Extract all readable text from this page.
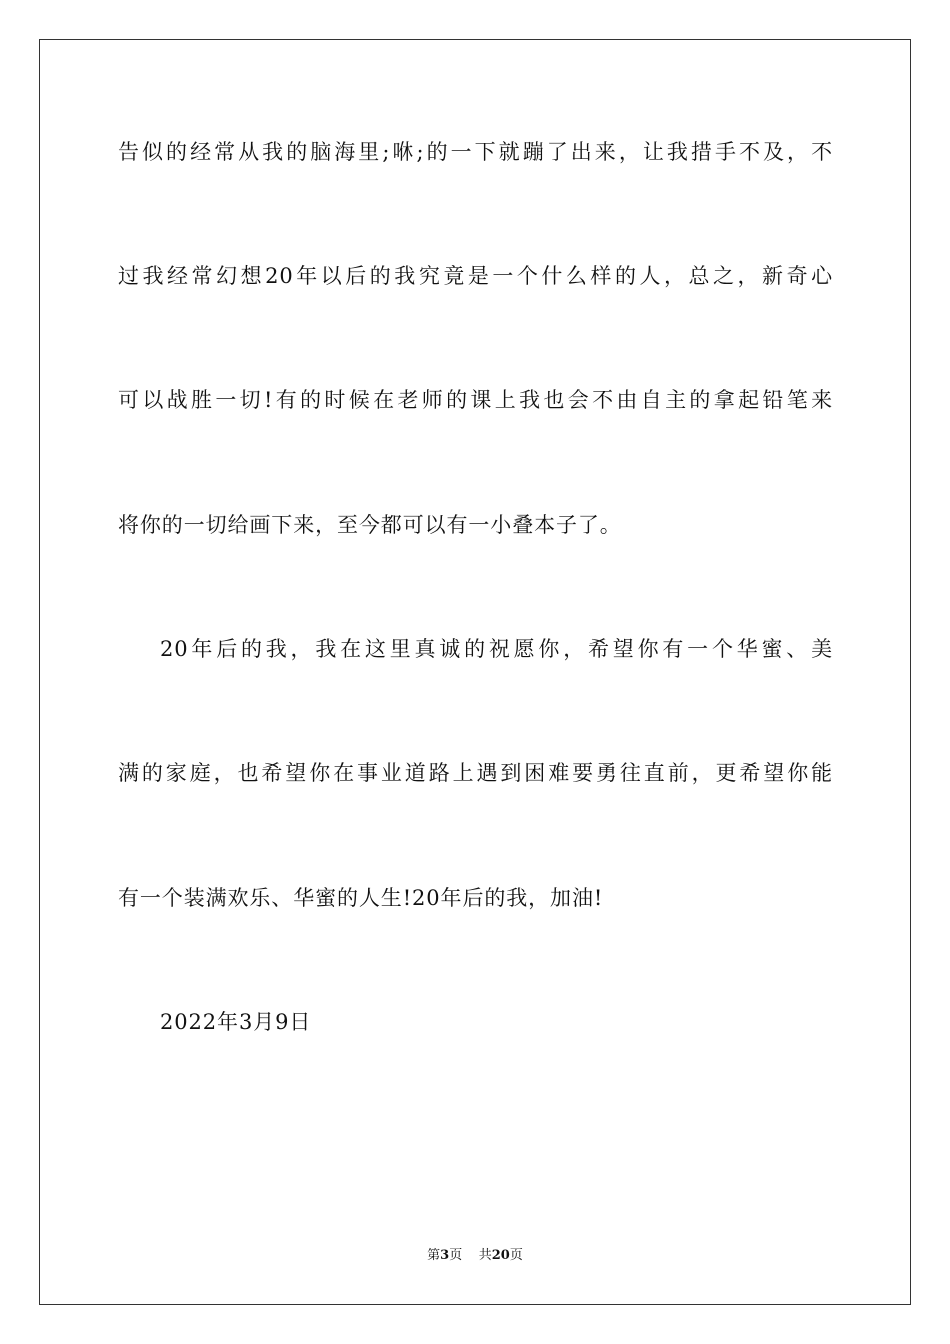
告似的经常从我的脑海里;咻;的一下就蹦了出来，让我措手不及，不
过我经常幻想20年以后的我究竟是一个什么样的人，总之，新奇心
可以战胜一切!有的时候在老师的课上我也会不由自主的拿起铅笔来
将你的一切给画下来，至今都可以有一小叠本子了。
20年后的我，我在这里真诚的祝愿你，希望你有一个华蜜、美
满的家庭，也希望你在事业道路上遇到困难要勇往直前，更希望你能
有一个装满欢乐、华蜜的人生!20年后的我，加油!
2022年3月9日
第3页 共20页
